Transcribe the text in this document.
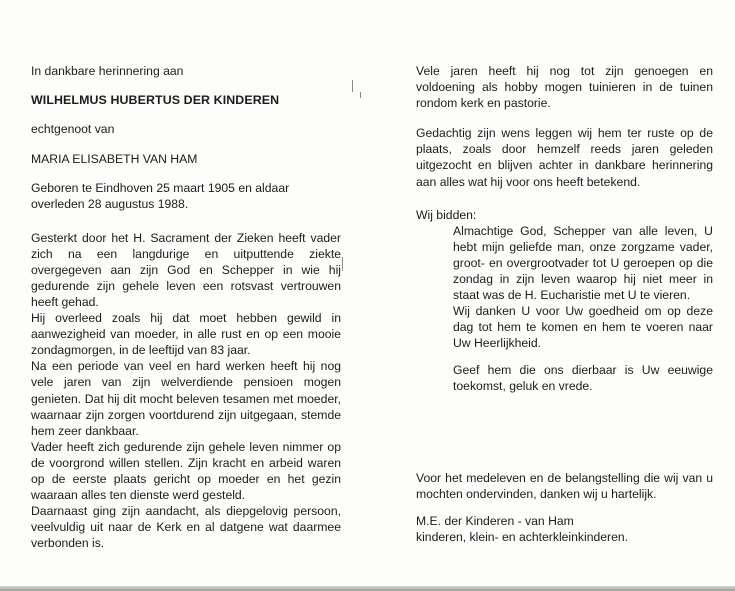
In dankbare herinnering aan

WILHELMUS HUBERTUS DER KINDEREN

echtgenoot van

MARIA ELISABETH VAN HAM

Geboren te Eindhoven 25 maart 1905 en aldaar overleden 28 augustus 1988.

Gesterkt door het H. Sacrament der Zieken heeft vader zich na een langdurige en uitputtende ziekte overgegeven aan zijn God en Schepper in wie hij gedurende zijn gehele leven een rotsvast vertrouwen heeft gehad.

Hij overleed zoals hij dat moet hebben gewild in aanwezigheid van moeder, in alle rust en op een mooie zondagmorgen, in de leeftijd van 83 jaar.

Na een periode van veel en hard werken heeft hij nog vele jaren van zijn welverdiende pensioen mogen genieten. Dat hij dit mocht beleven tesamen met moeder, waarnaar zijn zorgen voortdurend zijn uitgegaan, stemde hem zeer dankbaar.

Vader heeft zich gedurende zijn gehele leven nimmer op de voorgrond willen stellen. Zijn kracht en arbeid waren op de eerste plaats gericht op moeder en het gezin waaraan alles ten dienste werd gesteld.

Daarnaast ging zijn aandacht, als diepgelovig persoon, veelvuldig uit naar de Kerk en al datgene wat daarmee verbonden is.

Vele jaren heeft hij nog tot zijn genoegen en voldoening als hobby mogen tuinieren in de tuinen rondom kerk en pastorie.

Gedachtig zijn wens leggen wij hem ter ruste op de plaats, zoals door hemzelf reeds jaren geleden uitgezocht en blijven achter in dankbare herinnering aan alles wat hij voor ons heeft betekend.

Wij bidden:

Almachtige God, Schepper van alle leven, U hebt mijn geliefde man, onze zorgzame vader, groot- en overgrootvader tot U geroepen op die zondag in zijn leven waarop hij niet meer in staat was de H. Eucharistie met U te vieren.

Wij danken U voor Uw goedheid om op deze dag tot hem te komen en hem te voeren naar Uw Heerlijkheid.

Geef hem die ons dierbaar is Uw eeuwige toekomst, geluk en vrede.

Voor het medeleven en de belangstelling die wij van u mochten ondervinden, danken wij u hartelijk.

M.E. der Kinderen - van Ham

kinderen, klein- en achterkleinkinderen.
